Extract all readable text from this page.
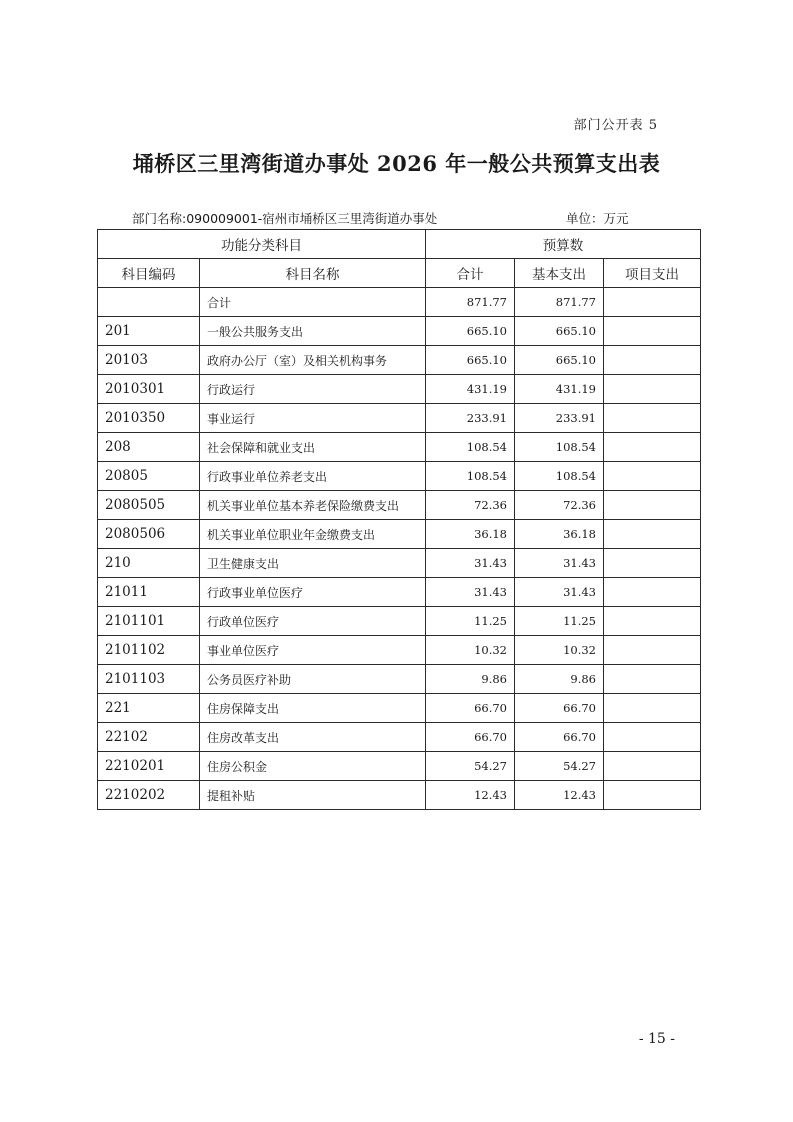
部门公开表 5
埇桥区三里湾街道办事处 2026 年一般公共预算支出表
部门名称:090009001-宿州市埇桥区三里湾街道办事处	单位：万元
功能分类科目		预算数		
科目编码	科目名称	合计	基本支出	项目支出
	合计	871.77	871.77	
201	一般公共服务支出	665.10	665.10	
20103	政府办公厅（室）及相关机构事务	665.10	665.10	
2010301	行政运行	431.19	431.19	
2010350	事业运行	233.91	233.91	
208	社会保障和就业支出	108.54	108.54	
20805	行政事业单位养老支出	108.54	108.54	
2080505	机关事业单位基本养老保险缴费支出	72.36	72.36	
2080506	机关事业单位职业年金缴费支出	36.18	36.18	
210	卫生健康支出	31.43	31.43	
21011	行政事业单位医疗	31.43	31.43	
2101101	行政单位医疗	11.25	11.25	
2101102	事业单位医疗	10.32	10.32	
2101103	公务员医疗补助	9.86	9.86	
221	住房保障支出	66.70	66.70	
22102	住房改革支出	66.70	66.70	
2210201	住房公积金	54.27	54.27	
2210202	提租补贴	12.43	12.43	
- 15 -
